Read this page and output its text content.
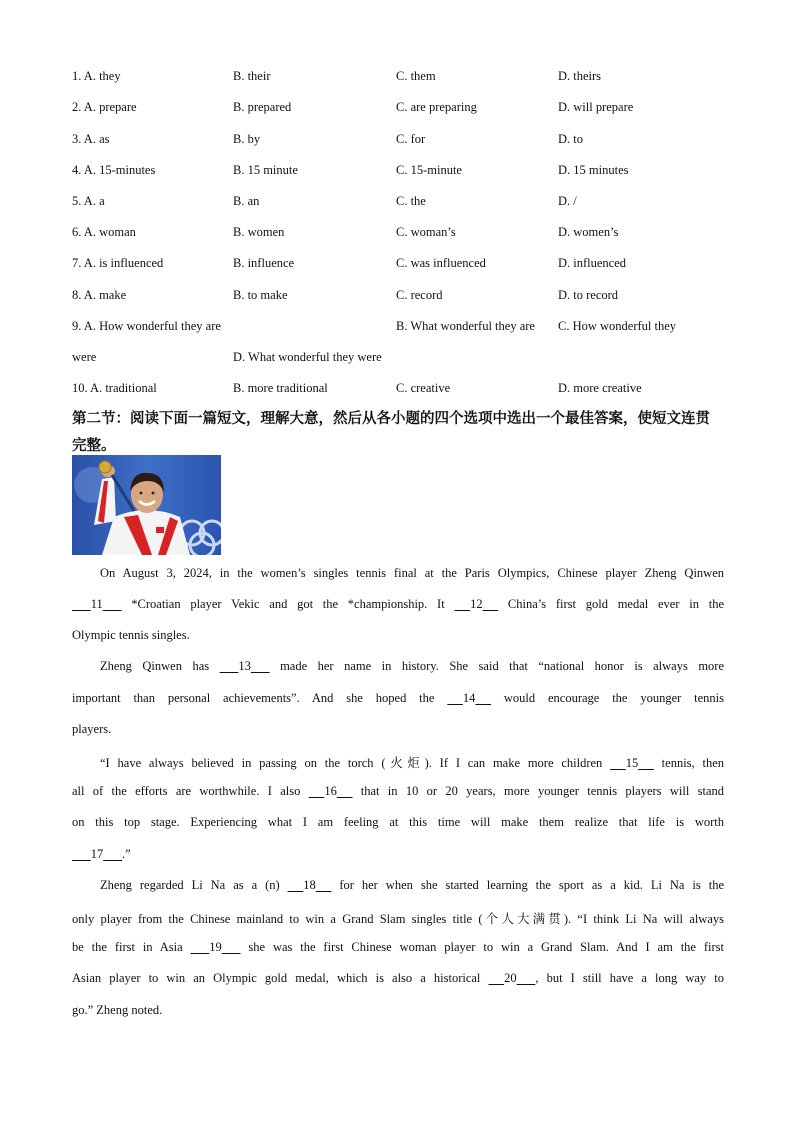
1. A. they	B. their	C. them	D. theirs
2. A. prepare	B. prepared	C. are preparing	D. will prepare
3. A. as	B. by	C. for	D. to
4. A. 15-minutes	B. 15 minute	C. 15-minute	D. 15 minutes
5. A. a	B. an	C. the	D. /
6. A. woman	B. women	C. woman’s	D. women’s
7. A. is influenced	B. influence	C. was influenced	D. influenced
8. A. make	B. to make	C. record	D. to record
9. A. How wonderful they are	B. What wonderful they are C. How wonderful they
were	D. What wonderful they were
10. A. traditional	B. more traditional	C. creative	D. more creative
第二节：阅读下面一篇短文，理解大意，然后从各小题的四个选项中选出一个最佳答案，使短文连贯完整。
On August 3, 2024, in the women’s singles tennis final at the Paris Olympics, Chinese player Zheng Qinwen
11       *Croatian player Vekic and got the *championship. It      12      China’s first gold medal ever in the
Olympic tennis singles.
Zheng Qinwen has       13       made her name in history. She said that “national honor is always more
important than personal achievements”. And she hoped the      14      would encourage the younger tennis
players.
“I have always believed in passing on the torch (火炬). If I can make more children      15      tennis, then
all of the efforts are worthwhile. I also      16      that in 10 or 20 years, more younger tennis players will stand
on this top stage. Experiencing what I am feeling at this time will make them realize that life is worth
17 .”
Zheng regarded Li Na as a (n)      18      for her when she started learning the sport as a kid. Li Na is the
only player from the Chinese mainland to win a Grand Slam singles title (个人大满贯). “I think Li Na will always
be the first in Asia       19       she was the first Chinese woman player to win a Grand Slam. And I am the first
Asian player to win an Olympic gold medal, which is also a historical      20 , but I still have a long way to
go.” Zheng noted.
